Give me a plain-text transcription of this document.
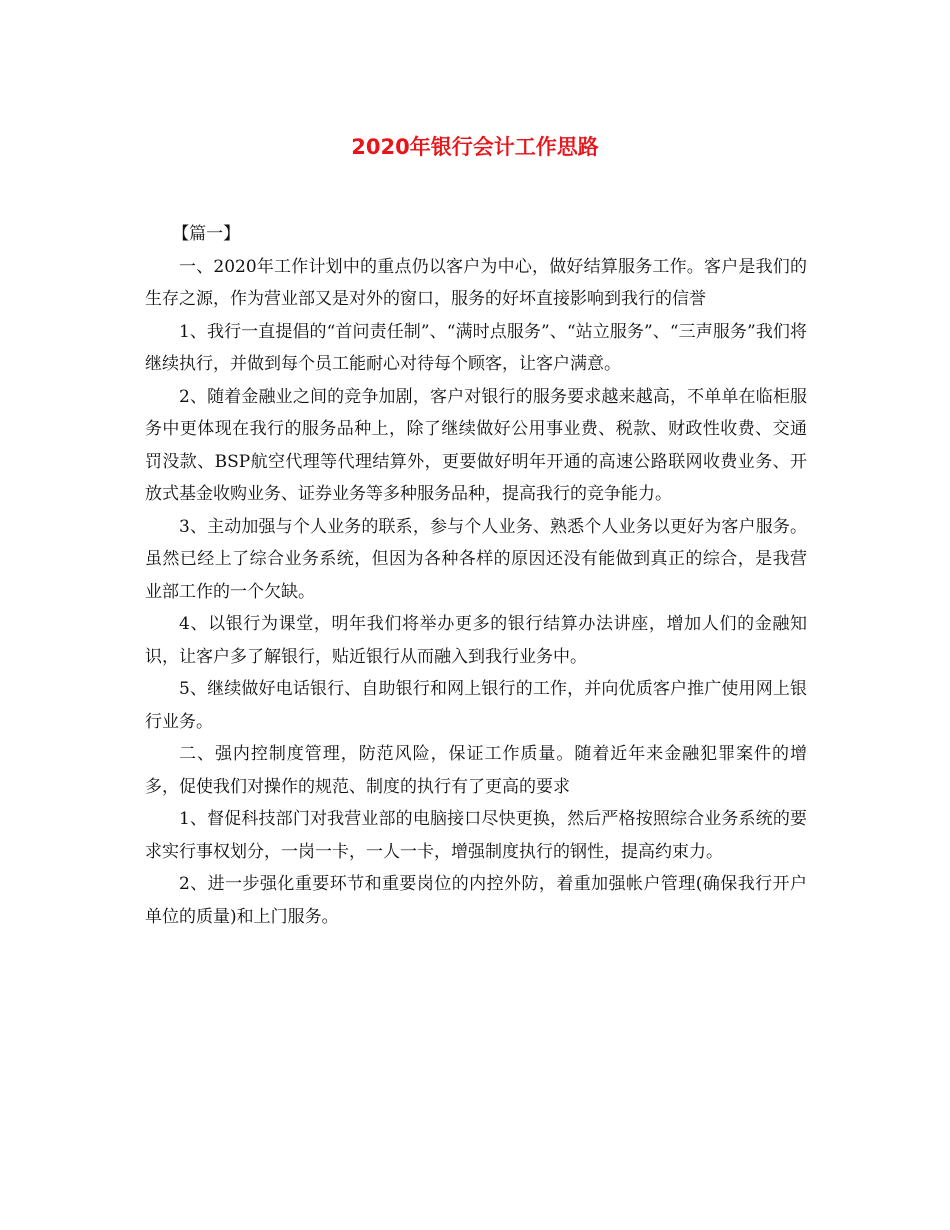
2020年银行会计工作思路

【篇一】

一、2020年工作计划中的重点仍以客户为中心，做好结算服务工作。客户是我们的生存之源，作为营业部又是对外的窗口，服务的好坏直接影响到我行的信誉

1、我行一直提倡的“首问责任制”、“满时点服务”、“站立服务”、“三声服务”我们将继续执行，并做到每个员工能耐心对待每个顾客，让客户满意。

2、随着金融业之间的竞争加剧，客户对银行的服务要求越来越高，不单单在临柜服务中更体现在我行的服务品种上，除了继续做好公用事业费、税款、财政性收费、交通罚没款、BSP航空代理等代理结算外，更要做好明年开通的高速公路联网收费业务、开放式基金收购业务、证券业务等多种服务品种，提高我行的竞争能力。

3、主动加强与个人业务的联系，参与个人业务、熟悉个人业务以更好为客户服务。虽然已经上了综合业务系统，但因为各种各样的原因还没有能做到真正的综合，是我营业部工作的一个欠缺。

4、以银行为课堂，明年我们将举办更多的银行结算办法讲座，增加人们的金融知识，让客户多了解银行，贴近银行从而融入到我行业务中。

5、继续做好电话银行、自助银行和网上银行的工作，并向优质客户推广使用网上银行业务。

二、强内控制度管理，防范风险，保证工作质量。随着近年来金融犯罪案件的增多，促使我们对操作的规范、制度的执行有了更高的要求

1、督促科技部门对我营业部的电脑接口尽快更换，然后严格按照综合业务系统的要求实行事权划分，一岗一卡，一人一卡，增强制度执行的钢性，提高约束力。

2、进一步强化重要环节和重要岗位的内控外防，着重加强帐户管理(确保我行开户单位的质量)和上门服务。
